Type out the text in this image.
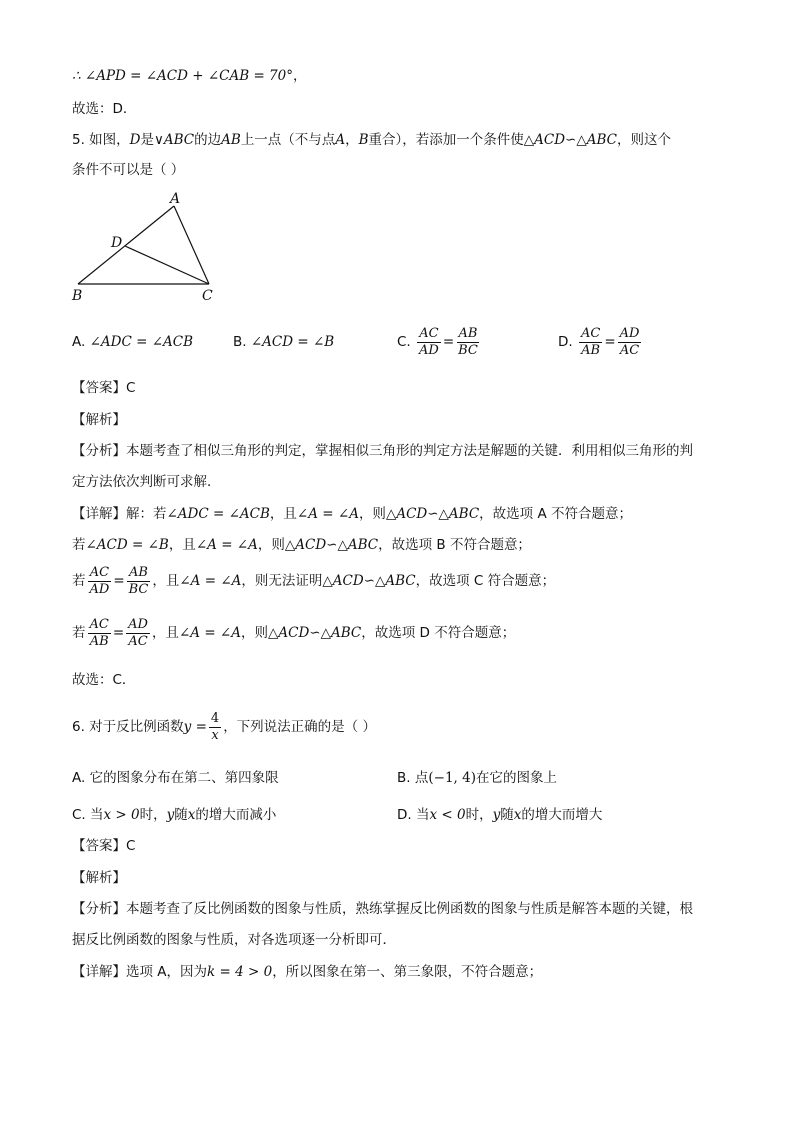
∴ ∠APD = ∠ACD + ∠CAB = 70°，
故选：D．
5. 如图，D是∨ABC的边AB上一点（不与点A，B重合），若添加一个条件使△ACD∽△ABC，则这个
条件不可以是（ ）
A
D
B	C
A. ∠ADC = ∠ACB	B. ∠ACD = ∠B	C. $\frac{AC}{AD} = \frac{AB}{BC}$	D. $\frac{AC}{AB} = \frac{AD}{AC}$
【答案】C
【解析】
【分析】本题考查了相似三角形的判定，掌握相似三角形的判定方法是解题的关键．利用相似三角形的判
定方法依次判断可求解．
【详解】解：若∠ADC = ∠ACB，且∠A = ∠A，则△ACD∽△ABC，故选项 A 不符合题意；
若∠ACD = ∠B，且∠A = ∠A，则△ACD∽△ABC，故选项 B 不符合题意；
若 $\frac{AC}{AD} = \frac{AB}{BC}$ ，且∠A = ∠A，则无法证明△ACD∽△ABC，故选项 C 符合题意；
若 $\frac{AC}{AB} = \frac{AD}{AC}$ ，且∠A = ∠A，则△ACD∽△ABC，故选项 D 不符合题意；
故选：C．
6. 对于反比例函数$y = \frac{4}{x}$ ，下列说法正确的是（ ）
A. 它的图象分布在第二、第四象限	B. 点(−1, 4)在它的图象上
C. 当x > 0时，y随x的增大而减小	D. 当x < 0时，y随x的增大而增大
【答案】C
【解析】
【分析】本题考查了反比例函数的图象与性质，熟练掌握反比例函数的图象与性质是解答本题的关键，根
据反比例函数的图象与性质，对各选项逐一分析即可．
【详解】选项 A，因为k = 4 > 0，所以图象在第一、第三象限，不符合题意；
